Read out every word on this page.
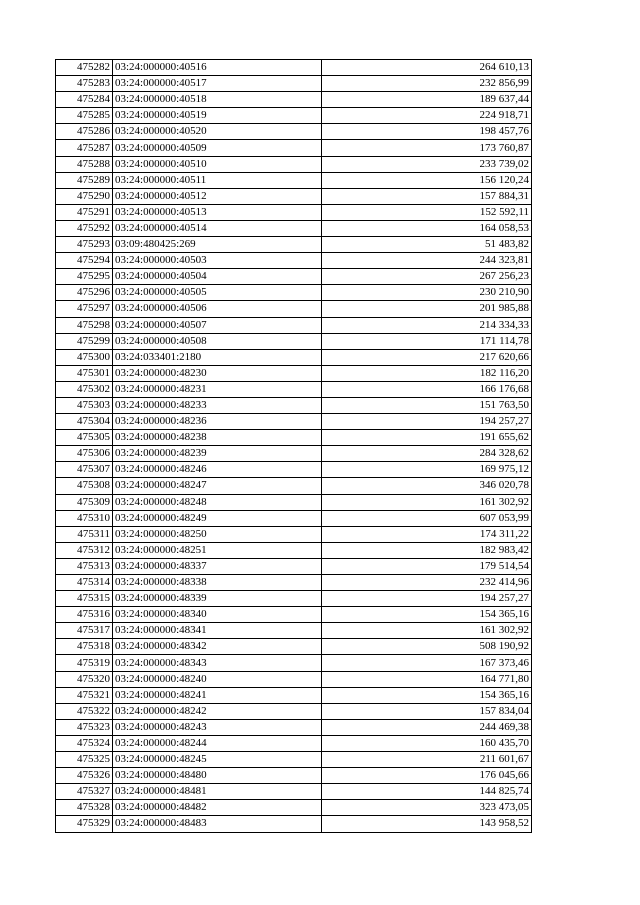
475282	03:24:000000:40516	264 610,13
475283	03:24:000000:40517	232 856,99
475284	03:24:000000:40518	189 637,44
475285	03:24:000000:40519	224 918,71
475286	03:24:000000:40520	198 457,76
475287	03:24:000000:40509	173 760,87
475288	03:24:000000:40510	233 739,02
475289	03:24:000000:40511	156 120,24
475290	03:24:000000:40512	157 884,31
475291	03:24:000000:40513	152 592,11
475292	03:24:000000:40514	164 058,53
475293	03:09:480425:269	51 483,82
475294	03:24:000000:40503	244 323,81
475295	03:24:000000:40504	267 256,23
475296	03:24:000000:40505	230 210,90
475297	03:24:000000:40506	201 985,88
475298	03:24:000000:40507	214 334,33
475299	03:24:000000:40508	171 114,78
475300	03:24:033401:2180	217 620,66
475301	03:24:000000:48230	182 116,20
475302	03:24:000000:48231	166 176,68
475303	03:24:000000:48233	151 763,50
475304	03:24:000000:48236	194 257,27
475305	03:24:000000:48238	191 655,62
475306	03:24:000000:48239	284 328,62
475307	03:24:000000:48246	169 975,12
475308	03:24:000000:48247	346 020,78
475309	03:24:000000:48248	161 302,92
475310	03:24:000000:48249	607 053,99
475311	03:24:000000:48250	174 311,22
475312	03:24:000000:48251	182 983,42
475313	03:24:000000:48337	179 514,54
475314	03:24:000000:48338	232 414,96
475315	03:24:000000:48339	194 257,27
475316	03:24:000000:48340	154 365,16
475317	03:24:000000:48341	161 302,92
475318	03:24:000000:48342	508 190,92
475319	03:24:000000:48343	167 373,46
475320	03:24:000000:48240	164 771,80
475321	03:24:000000:48241	154 365,16
475322	03:24:000000:48242	157 834,04
475323	03:24:000000:48243	244 469,38
475324	03:24:000000:48244	160 435,70
475325	03:24:000000:48245	211 601,67
475326	03:24:000000:48480	176 045,66
475327	03:24:000000:48481	144 825,74
475328	03:24:000000:48482	323 473,05
475329	03:24:000000:48483	143 958,52
